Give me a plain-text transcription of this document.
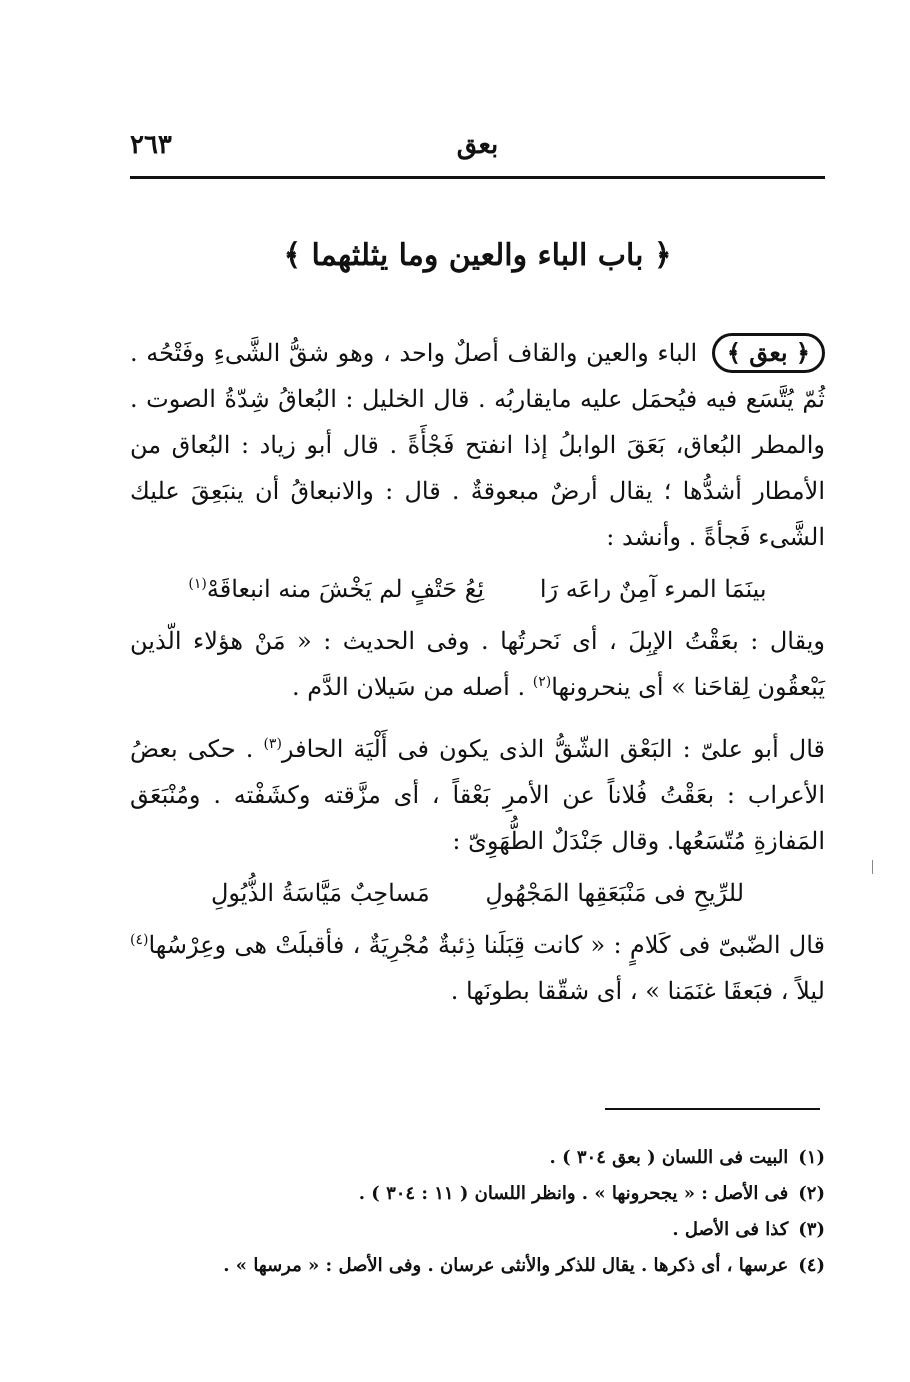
٢٦٣	بعق
﴿ باب الباء والعين وما يثلثهما ﴾

﴿ بعق ﴾ الباء والعين والقاف أصلٌ واحد ، وهو شقُّ الشَّىءِ وفَتْحُه . ثُمّ يُتَّسَع فيه فيُحمَل عليه مايقاربُه . قال الخليل : البُعاقُ شِدّةُ الصوت . والمطر البُعاق، بَعَقَ الوابلُ إذا انفتح فَجْأَةً . قال أبو زياد : البُعاق من الأمطار أشدُّها ؛ يقال أرضٌ مبعوقةٌ . قال : والانبعاقُ أن ينبَعِقَ عليك الشَّىء فَجأةً . وأنشد :

بينَمَا المرء آمِنٌ راعَه رَا ئِعُ حَتْفٍ لم يَخْشَ منه انبعاقَهْ$^{(١)}$

ويقال : بعَقْتُ الإبِلَ ، أى نَحرتُها . وفى الحديث : « مَنْ هؤلاء الّذين يَبْعقُون لِقاحَنا » أى ينحرونها$^{(٢)}$ . أصله من سَيلان الدَّم .

قال أبو علىّ : البَعْق الشّقُّ الذى يكون فى أَلْيَة الحافر$^{(٣)}$ . حكى بعضُ الأعراب : بعَقْتُ فُلاناً عن الأمرِ بَعْقاً ، أى مزَّقته وكشَفْته . ومُنْبَعَق المَفازةِ مُتّسَعُها. وقال جَنْدَلٌ الطُّهَوِىّ :

للرِّيحِ فى مَنْبَعَقِها المَجْهُولِ مَساحِبٌ مَيَّاسَةُ الذُّيُولِ

قال الضّبىّ فى كَلامٍ : « كانت قِبَلَنا ذِئبةٌ مُجْرِيَةٌ ، فأقبلَتْ هى وعِرْسُها$^{(٤)}$ ليلاً ، فبَعقَا غنَمَنا » ، أى شقّقا بطونَها .

(١)البيت فى اللسان ( بعق ٣٠٤ ) .
(٢)فى الأصل : « يجحرونها » . وانظر اللسان ( ١١ : ٣٠٤ ) .
(٣)كذا فى الأصل .
(٤)عرسها ، أى ذكرها . يقال للذكر والأنثى عرسان . وفى الأصل : « مرسها » .
